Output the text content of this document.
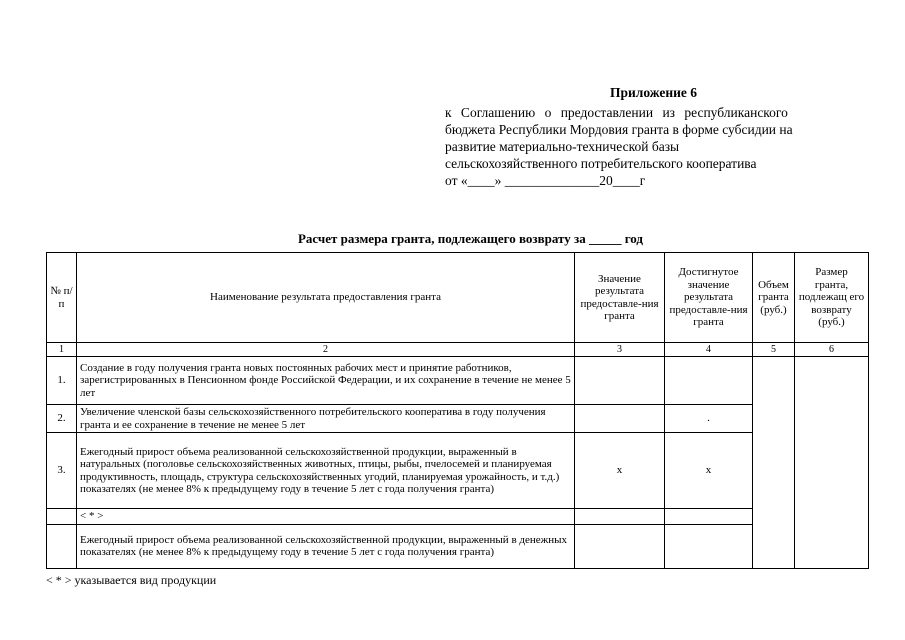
Приложение 6
к Соглашению о предоставлении из республиканского
бюджета Республики Мордовия гранта в форме субсидии на
развитие материально-технической базы
сельскохозяйственного потребительского кооператива
от «____» ______________20____г
Расчет размера гранта, подлежащего возврату за _____ год
№ п/п	Наименование результата предоставления гранта	Значение результата предоставле-ния гранта	Достигнутое значение результата предоставле-ния гранта	Объем гранта (руб.)	Размер гранта, подлежащ его возврату (руб.)
1	2	3	4	5	6
1.	Создание в году получения гранта новых постоянных рабочих мест и принятие работников, зарегистрированных в Пенсионном фонде Российской Федерации, и их сохранение в течение не менее 5 лет				
2.	Увеличение членской базы сельскохозяйственного потребительского кооператива в году получения гранта и ее сохранение в течение не менее 5 лет		.		
3.	Ежегодный прирост объема реализованной сельскохозяйственной продукции, выраженный в натуральных (поголовье сельскохозяйственных животных, птицы, рыбы, пчелосемей и планируемая продуктивность, площадь, структура сельскохозяйственных угодий, планируемая урожайность, и т.д.) показателях (не менее 8% к предыдущему году в течение 5 лет с года получения гранта)	х	х		
	< * >				
	Ежегодный прирост объема реализованной сельскохозяйственной продукции, выраженный в денежных показателях (не менее 8% к предыдущему году в течение 5 лет с года получения гранта)				
< * > указывается вид продукции
